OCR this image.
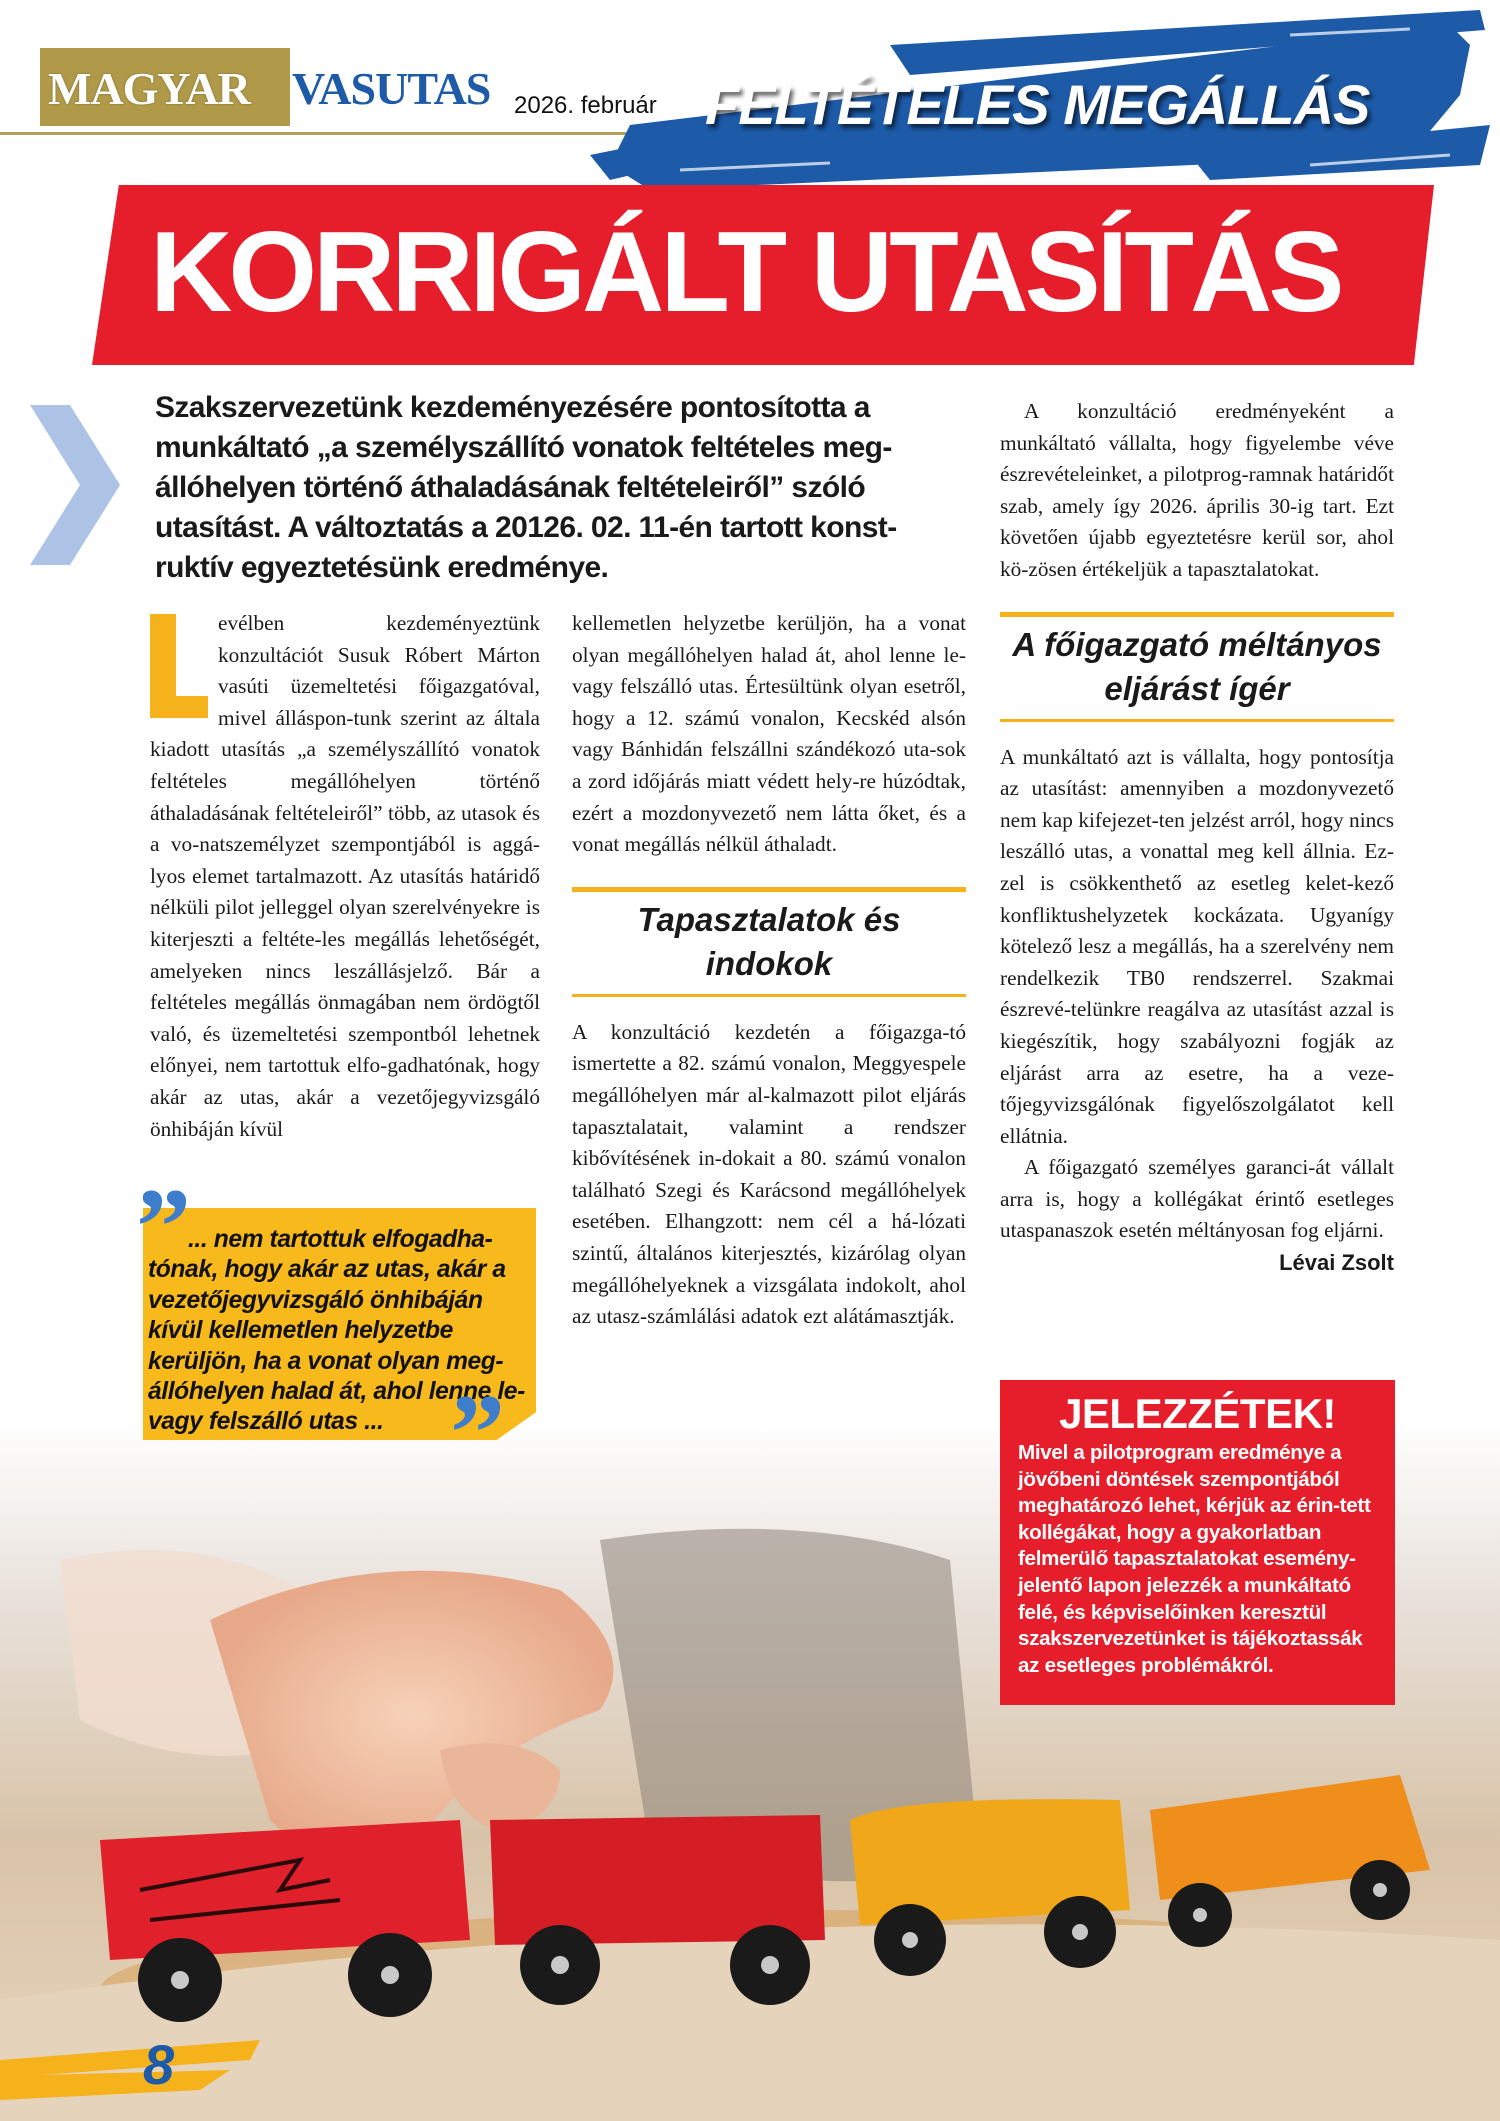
MAGYAR VASUTAS 2026. február FELTÉTELES MEGÁLLÁS
KORRIGÁLT UTASÍTÁS

Szakszervezetünk kezdeményezésére pontosította a munkáltató „a személyszállító vonatok feltételes meg-állóhelyen történő áthaladásának feltételeiről” szóló utasítást. A változtatás a 20126. 02. 11-én tartott konst-ruktív egyeztetésünk eredménye.

evélben kezdeményeztünk konzultációt Susuk Róbert Márton vasúti üzemeltetési főigazgatóval, mivel álláspon-tunk szerint az általa kiadott utasítás „a személyszállító vonatok feltételes megállóhelyen történő áthaladásának feltételeiről” több, az utasok és a vo-natszemélyzet szempontjából is aggá-lyos elemet tartalmazott. Az utasítás határidő nélküli pilot jelleggel olyan szerelvényekre is kiterjeszti a feltéte-les megállás lehetőségét, amelyeken nincs leszállásjelző. Bár a feltételes megállás önmagában nem ördögtől való, és üzemeltetési szempontból lehetnek előnyei, nem tartottuk elfo-gadhatónak, hogy akár az utas, akár a vezetőjegyvizsgáló önhibáján kívül

kellemetlen helyzetbe kerüljön, ha a vonat olyan megállóhelyen halad át, ahol lenne le- vagy felszálló utas. Értesültünk olyan esetről, hogy a 12. számú vonalon, Kecskéd alsón vagy Bánhidán felszállni szándékozó uta-sok a zord időjárás miatt védett hely-re húzódtak, ezért a mozdonyvezető nem látta őket, és a vonat megállás nélkül áthaladt.

Tapasztalatok és indokok

A konzultáció kezdetén a főigazga-tó ismertette a 82. számú vonalon, Meggyespele megállóhelyen már al-kalmazott pilot eljárás tapasztalatait, valamint a rendszer kibővítésének in-dokait a 80. számú vonalon található Szegi és Karácsond megállóhelyek esetében. Elhangzott: nem cél a há-lózati szintű, általános kiterjesztés, kizárólag olyan megállóhelyeknek a vizsgálata indokolt, ahol az utasz-számlálási adatok ezt alátámasztják.

A konzultáció eredményeként a munkáltató vállalta, hogy figyelembe véve észrevételeinket, a pilotprog-ramnak határidőt szab, amely így 2026. április 30-ig tart. Ezt követően újabb egyeztetésre kerül sor, ahol kö-zösen értékeljük a tapasztalatokat.

A főigazgató méltányos eljárást ígér

A munkáltató azt is vállalta, hogy pontosítja az utasítást: amennyiben a mozdonyvezető nem kap kifejezet-ten jelzést arról, hogy nincs leszálló utas, a vonattal meg kell állnia. Ez-zel is csökkenthető az esetleg kelet-kező konfliktushelyzetek kockázata. Ugyanígy kötelező lesz a megállás, ha a szerelvény nem rendelkezik TB0 rendszerrel. Szakmai észrevé-telünkre reagálva az utasítást azzal is kiegészítik, hogy szabályozni fogják az eljárást arra az esetre, ha a veze-tőjegyvizsgálónak figyelőszolgálatot kell ellátnia.

A főigazgató személyes garanci-át vállalt arra is, hogy a kollégákat érintő esetleges utaspanaszok esetén méltányosan fog eljárni.

Lévai Zsolt

... nem tartottuk elfogadha-tónak, hogy akár az utas, akár a vezetőjegyvizsgáló önhibáján kívül kellemetlen helyzetbe kerüljön, ha a vonat olyan meg-állóhelyen halad át, ahol lenne le- vagy felszálló utas ...

”
”	JELEZZÉTEK!

Mivel a pilotprogram eredménye a jövőbeni döntések szempontjából meghatározó lehet, kérjük az érin-tett kollégákat, hogy a gyakorlatban felmerülő tapasztalatokat esemény-jelentő lapon jelezzék a munkáltató felé, és képviselőinken keresztül szakszervezetünket is tájékoztassák az esetleges problémákról.

8
